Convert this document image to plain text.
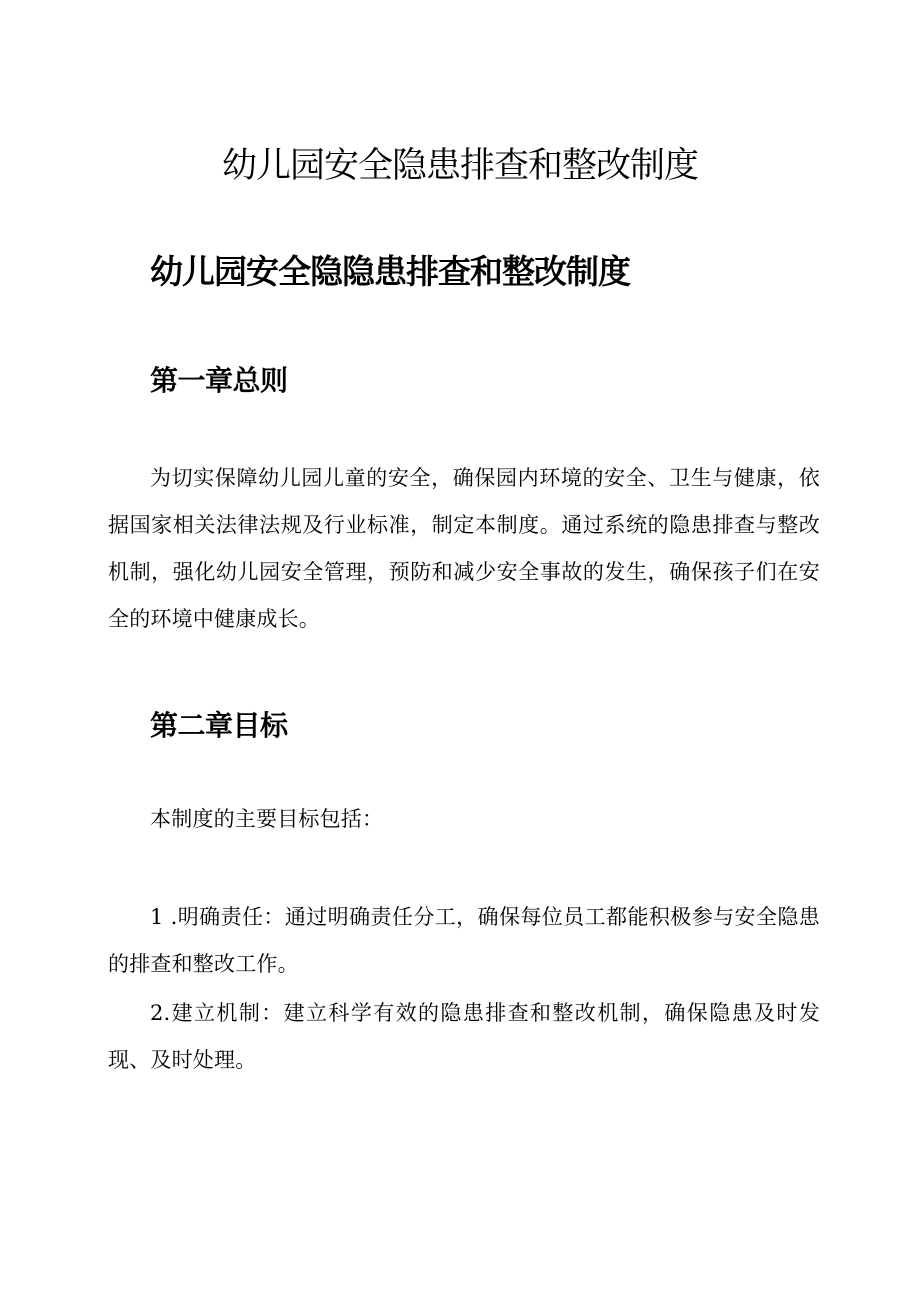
幼儿园安全隐患排查和整改制度
幼儿园安全隐隐患排查和整改制度
第一章总则

为切实保障幼儿园儿童的安全，确保园内环境的安全、卫生与健康，依据国家相关法律法规及行业标准，制定本制度。通过系统的隐患排查与整改机制，强化幼儿园安全管理，预防和减少安全事故的发生，确保孩子们在安全的环境中健康成长。

第二章目标

本制度的主要目标包括：

1 .明确责任：通过明确责任分工，确保每位员工都能积极参与安全隐患的排查和整改工作。

2.建立机制：建立科学有效的隐患排查和整改机制，确保隐患及时发现、及时处理。
